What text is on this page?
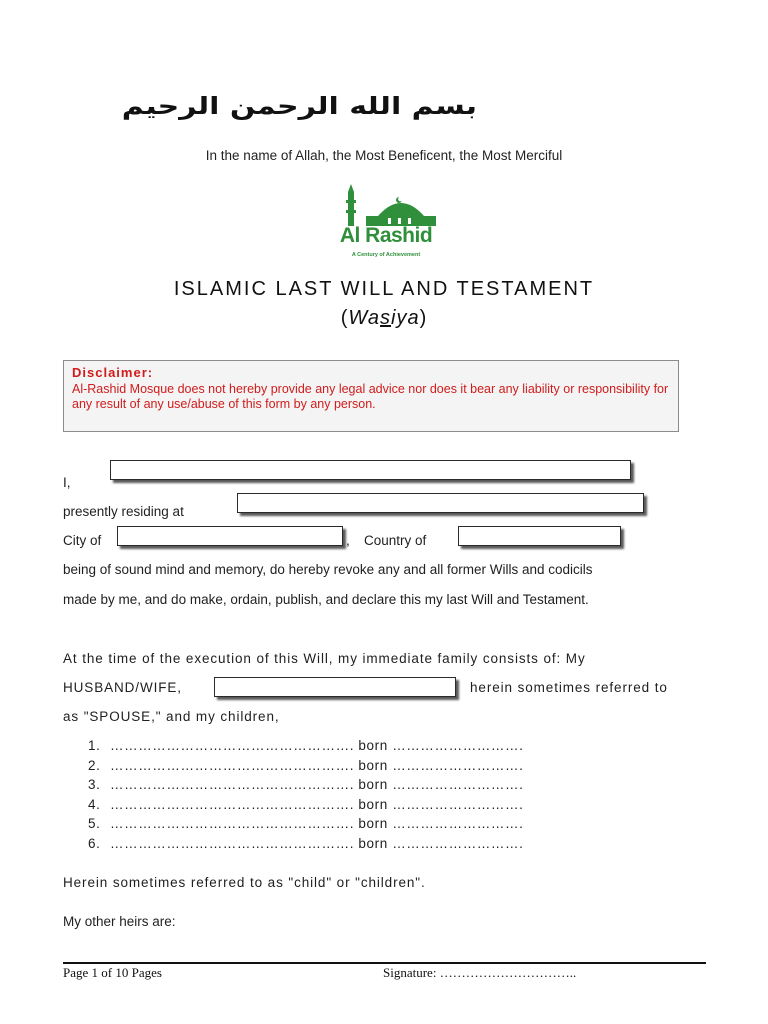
بسم الله الرحمن الرحيم
In the name of Allah, the Most Beneficent, the Most Merciful
Al Rashid
A Century of Achievement
ISLAMIC LAST WILL AND TESTAMENT
(Wasiya)
Disclaimer:
Al-Rashid Mosque does not hereby provide any legal advice nor does it bear any liability or responsibility for any result of any use/abuse of this form by any person.
I,
presently residing at
City of	, Country of
being of sound mind and memory, do hereby revoke any and all former Wills and codicils
made by me, and do make, ordain, publish, and declare this my last Will and Testament.
At the time of the execution of this Will, my immediate family consists of: My
HUSBAND/WIFE,	herein sometimes referred to
as "SPOUSE," and my children,
1. ……………………………………………. born ……………………….
2. ……………………………………………. born ……………………….
3. ……………………………………………. born ……………………….
4. ……………………………………………. born ……………………….
5. ……………………………………………. born ……………………….
6. ……………………………………………. born ……………………….
Herein sometimes referred to as "child" or "children".
My other heirs are:
Page 1 of 10 Pages	Signature: …………………………..
